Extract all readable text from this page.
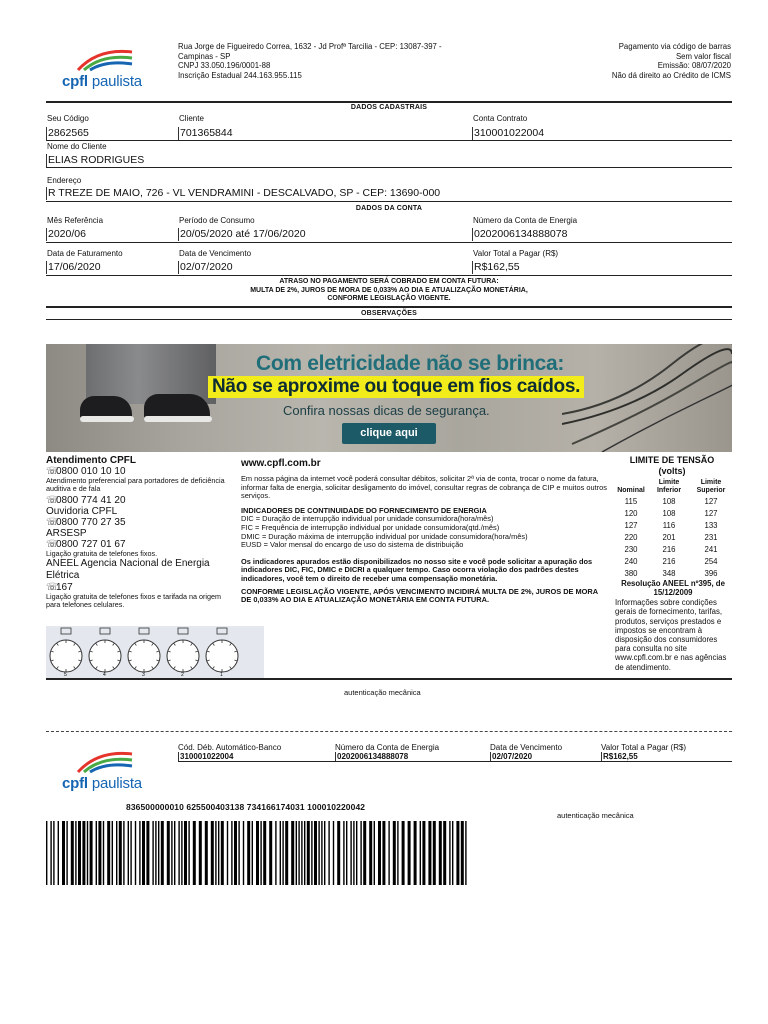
cpfl paulista
Rua Jorge de Figueiredo Correa, 1632 - Jd Profª Tarcilia - CEP: 13087-397 -
Campinas - SP
CNPJ 33.050.196/0001-88
Inscrição Estadual 244.163.955.115
Pagamento via código de barras
Sem valor fiscal
Emissão: 08/07/2020
Não dá direito ao Crédito de ICMS
DADOS CADASTRAIS
Seu Código
2862565
Cliente
701365844
Conta Contrato
310001022004
Nome do Cliente
ELIAS RODRIGUES
Endereço
R TREZE DE MAIO, 726 - VL VENDRAMINI - DESCALVADO, SP - CEP: 13690-000
DADOS DA CONTA
Mês Referência
2020/06
Período de Consumo
20/05/2020 até 17/06/2020
Número da Conta de Energia
0202006134888078
Data de Faturamento
17/06/2020
Data de Vencimento
02/07/2020
Valor Total a Pagar (R$)
R$162,55
ATRASO NO PAGAMENTO SERÁ COBRADO EM CONTA FUTURA:
MULTA DE 2%, JUROS DE MORA DE 0,033% AO DIA E ATUALIZAÇÃO MONETÁRIA,
CONFORME LEGISLAÇÃO VIGENTE.
OBSERVAÇÕES
Com eletricidade não se brinca:
Não se aproxime ou toque em fios caídos.
Confira nossas dicas de segurança.
clique aqui
Atendimento CPFL
☏0800 010 10 10
Atendimento preferencial para portadores de deficiência auditiva e de fala
☏0800 774 41 20
Ouvidoria CPFL
☏0800 770 27 35
ARSESP
☏0800 727 01 67
Ligação gratuita de telefones fixos.
ANEEL Agencia Nacional de Energia Elétrica
☏167
Ligação gratuita de telefones fixos e tarifada na origem para telefones celulares.
5	4	3	2	1
www.cpfl.com.br

Em nossa página da internet você poderá consultar débitos, solicitar 2ª via de conta, trocar o nome da fatura, informar falta de energia, solicitar desligamento do imóvel, consultar regras de cobrança de CIP e muitos outros serviços.

INDICADORES DE CONTINUIDADE DO FORNECIMENTO DE ENERGIA

DIC = Duração de interrupção individual por unidade consumidora(hora/mês)

FIC = Frequência de interrupção individual por unidade consumidora(qtd./mês)

DMIC = Duração máxima de interrupção individual por unidade consumidora(hora/mês)

EUSD = Valor mensal do encargo de uso do sistema de distribuição

Os indicadores apurados estão disponibilizados no nosso site e você pode solicitar a apuração dos indicadores DIC, FIC, DMIC e DICRI a qualquer tempo. Caso ocorra violação dos padrões destes indicadores, você tem o direito de receber uma compensação monetária.

CONFORME LEGISLAÇÃO VIGENTE, APÓS VENCIMENTO INCIDIRÁ MULTA DE 2%, JUROS DE MORA DE 0,033% AO DIA E ATUALIZAÇÃO MONETÁRIA EM CONTA FUTURA.

LIMITE DE TENSÃO (volts)
Nominal	Limite Inferior	Limite Superior
115	108	127
120	108	127
127	116	133
220	201	231
230	216	241
240	216	254
380	348	396
Resolução ANEEL nº395, de 15/12/2009
Informações sobre condições gerais de fornecimento, tarifas, produtos, serviços prestados e impostos se encontram à disposição dos consumidores para consulta no site www.cpfl.com.br e nas agências de atendimento.
autenticação mecânica
cpfl paulista
Cód. Déb. Automático-Banco
310001022004
Número da Conta de Energia
0202006134888078
Data de Vencimento
02/07/2020
Valor Total a Pagar (R$)
R$162,55
836500000010 625500403138 734166174031 100010220042
autenticação mecânica
